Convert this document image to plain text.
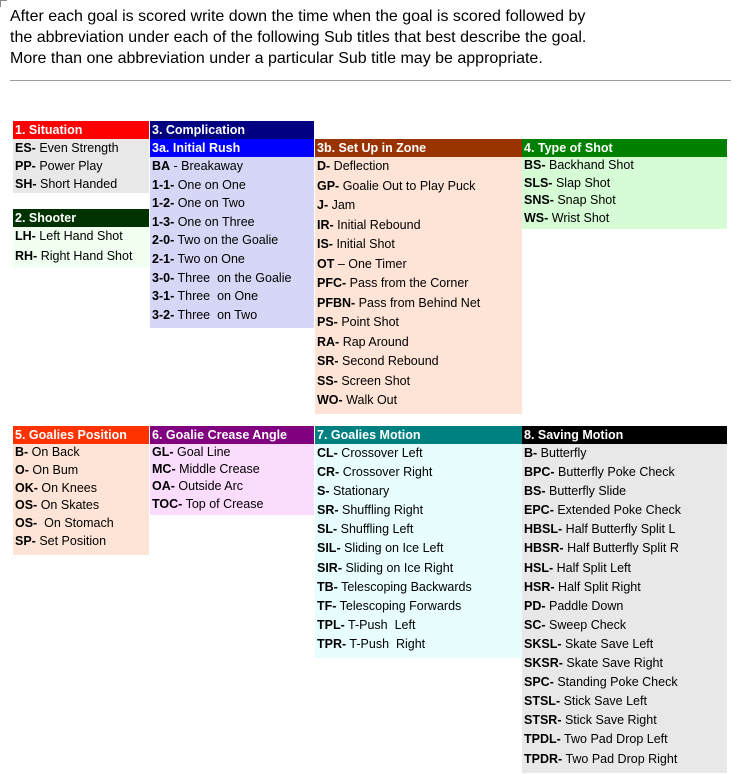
After each goal is scored write down the time when the goal is scored followed by
the abbreviation under each of the following Sub titles that best describe the goal.
More than one abbreviation under a particular Sub title may be appropriate.
3. Complication
1. Situation
ES- Even Strength
PP- Power Play
SH- Short Handed
3a. Initial Rush
BA - Breakaway
1-1- One on One
1-2- One on Two
1-3- One on Three
2-0- Two on the Goalie
2-1- Two on One
3-0- Three  on the Goalie
3-1- Three  on One
3-2- Three  on Two
3b. Set Up in Zone
D- Deflection
GP- Goalie Out to Play Puck
J- Jam
IR- Initial Rebound
IS- Initial Shot
OT – One Timer
PFC- Pass from the Corner
PFBN- Pass from Behind Net
PS- Point Shot
RA- Rap Around
SR- Second Rebound
SS- Screen Shot
WO- Walk Out
4. Type of Shot
BS- Backhand Shot
SLS- Slap Shot
SNS- Snap Shot
WS- Wrist Shot
2. Shooter
LH- Left Hand Shot
RH- Right Hand Shot
5. Goalies Position
B- On Back
O- On Bum
OK- On Knees
OS- On Skates
OS-  On Stomach
SP- Set Position
6. Goalie Crease Angle
GL- Goal Line
MC- Middle Crease
OA- Outside Arc
TOC- Top of Crease
7. Goalies Motion
CL- Crossover Left
CR- Crossover Right
S- Stationary
SR- Shuffling Right
SL- Shuffling Left
SIL- Sliding on Ice Left
SIR- Sliding on Ice Right
TB- Telescoping Backwards
TF- Telescoping Forwards
TPL- T-Push  Left
TPR- T-Push  Right
8. Saving Motion
B- Butterfly
BPC- Butterfly Poke Check
BS- Butterfly Slide
EPC- Extended Poke Check
HBSL- Half Butterfly Split L
HBSR- Half Butterfly Split R
HSL- Half Split Left
HSR- Half Split Right
PD- Paddle Down
SC- Sweep Check
SKSL- Skate Save Left
SKSR- Skate Save Right
SPC- Standing Poke Check
STSL- Stick Save Left
STSR- Stick Save Right
TPDL- Two Pad Drop Left
TPDR- Two Pad Drop Right
